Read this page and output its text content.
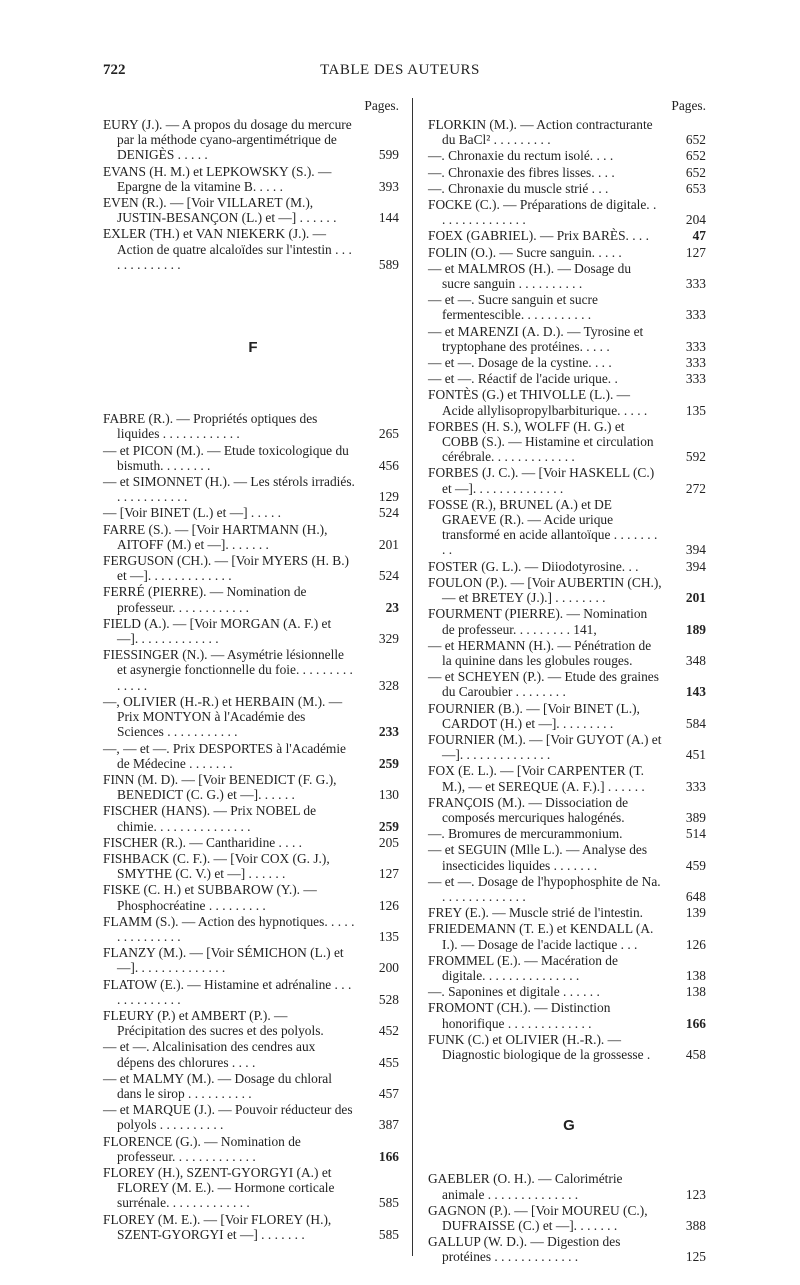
722	TABLE DES AUTEURS
Pages.
EURY (J.). — A propos du dosage du mercure par la méthode cyano-argentimétrique de DENIGÈS . . . . .	599
EVANS (H. M.) et LEPKOWSKY (S.). — Epargne de la vitamine B. . . . .	393
EVEN (R.). — [Voir VILLARET (M.), JUSTIN-BESANÇON (L.) et —] . . . . . .	144
EXLER (TH.) et VAN NIEKERK (J.). — Action de quatre alcaloïdes sur l'intestin . . . . . . . . . . . . .	589
F
FABRE (R.). — Propriétés optiques des liquides . . . . . . . . . . . .	265
— et PICON (M.). — Etude toxicologique du bismuth. . . . . . . .	456
— et SIMONNET (H.). — Les stérols irradiés. . . . . . . . . . . .	129
— [Voir BINET (L.) et —] . . . . .	524
FARRE (S.). — [Voir HARTMANN (H.), AITOFF (M.) et —]. . . . . . .	201
FERGUSON (CH.). — [Voir MYERS (H. B.) et —]. . . . . . . . . . . . .	524
FERRÉ (PIERRE). — Nomination de professeur. . . . . . . . . . . .	23
FIELD (A.). — [Voir MORGAN (A. F.) et —]. . . . . . . . . . . . .	329
FIESSINGER (N.). — Asymétrie lésionnelle et asynergie fonctionnelle du foie. . . . . . . . . . . . . .	328
—, OLIVIER (H.-R.) et HERBAIN (M.). — Prix MONTYON à l'Académie des Sciences . . . . . . . . . . .	233
—, — et —. Prix DESPORTES à l'Académie de Médecine . . . . . . .	259
FINN (M. D). — [Voir BENEDICT (F. G.), BENEDICT (C. G.) et —]. . . . . .	130
FISCHER (HANS). — Prix NOBEL de chimie. . . . . . . . . . . . . . .	259
FISCHER (R.). — Cantharidine . . . .	205
FISHBACK (C. F.). — [Voir COX (G. J.), SMYTHE (C. V.) et —] . . . . . .	127
FISKE (C. H.) et SUBBAROW (Y.). — Phosphocréatine . . . . . . . . .	126
FLAMM (S.). — Action des hypnotiques. . . . . . . . . . . . . . .	135
FLANZY (M.). — [Voir SÉMICHON (L.) et —]. . . . . . . . . . . . . .	200
FLATOW (E.). — Histamine et adrénaline . . . . . . . . . . . . .	528
FLEURY (P.) et AMBERT (P.). — Précipitation des sucres et des polyols.	452
— et —. Alcalinisation des cendres aux dépens des chlorures . . . .	455
— et MALMY (M.). — Dosage du chloral dans le sirop . . . . . . . . . .	457
— et MARQUE (J.). — Pouvoir réducteur des polyols . . . . . . . . . .	387
FLORENCE (G.). — Nomination de professeur. . . . . . . . . . . . .	166
FLOREY (H.), SZENT-GYORGYI (A.) et FLOREY (M. E.). — Hormone corticale surrénale. . . . . . . . . . . . .	585
FLOREY (M. E.). — [Voir FLOREY (H.), SZENT-GYORGYI et —] . . . . . . .	585
Pages.
FLORKIN (M.). — Action contracturante du BaCl² . . . . . . . . .	652
—. Chronaxie du rectum isolé. . . .	652
—. Chronaxie des fibres lisses. . . .	652
—. Chronaxie du muscle strié . . .	653
FOCKE (C.). — Préparations de digitale. . . . . . . . . . . . . . .	204
FOEX (GABRIEL). — Prix BARÈS. . . .	47
FOLIN (O.). — Sucre sanguin. . . . .	127
— et MALMROS (H.). — Dosage du sucre sanguin . . . . . . . . . .	333
— et —. Sucre sanguin et sucre fermentescible. . . . . . . . . . .	333
— et MARENZI (A. D.). — Tyrosine et tryptophane des protéines. . . . .	333
— et —. Dosage de la cystine. . . .	333
— et —. Réactif de l'acide urique. .	333
FONTÈS (G.) et THIVOLLE (L.). — Acide allylisopropylbarbiturique. . . . .	135
FORBES (H. S.), WOLFF (H. G.) et COBB (S.). — Histamine et circulation cérébrale. . . . . . . . . . . . .	592
FORBES (J. C.). — [Voir HASKELL (C.) et —]. . . . . . . . . . . . . .	272
FOSSE (R.), BRUNEL (A.) et DE GRAEVE (R.). — Acide urique transformé en acide allantoïque . . . . . . . . .	394
FOSTER (G. L.). — Diiodotyrosine. . .	394
FOULON (P.). — [Voir AUBERTIN (CH.), — et BRETEY (J.).] . . . . . . . .	201
FOURMENT (PIERRE). — Nomination de professeur. . . . . . . . . 141,	189
— et HERMANN (H.). — Pénétration de la quinine dans les globules rouges.	348
— et SCHEYEN (P.). — Etude des graines du Caroubier . . . . . . . .	143
FOURNIER (B.). — [Voir BINET (L.), CARDOT (H.) et —]. . . . . . . . .	584
FOURNIER (M.). — [Voir GUYOT (A.) et —]. . . . . . . . . . . . . .	451
FOX (E. L.). — [Voir CARPENTER (T. M.), — et SEREQUE (A. F.).] . . . . . .	333
FRANÇOIS (M.). — Dissociation de composés mercuriques halogénés.	389
—. Bromures de mercurammonium.	514
— et SEGUIN (Mlle L.). — Analyse des insecticides liquides . . . . . . .	459
— et —. Dosage de l'hypophosphite de Na. . . . . . . . . . . . . .	648
FREY (E.). — Muscle strié de l'intestin.	139
FRIEDEMANN (T. E.) et KENDALL (A. I.). — Dosage de l'acide lactique . . .	126
FROMMEL (E.). — Macération de digitale. . . . . . . . . . . . . . .	138
—. Saponines et digitale . . . . . .	138
FROMONT (CH.). — Distinction honorifique . . . . . . . . . . . . .	166
FUNK (C.) et OLIVIER (H.-R.). — Diagnostic biologique de la grossesse .	458
G
GAEBLER (O. H.). — Calorimétrie animale . . . . . . . . . . . . . .	123
GAGNON (P.). — [Voir MOUREU (C.), DUFRAISSE (C.) et —]. . . . . . .	388
GALLUP (W. D.). — Digestion des protéines . . . . . . . . . . . . .	125
